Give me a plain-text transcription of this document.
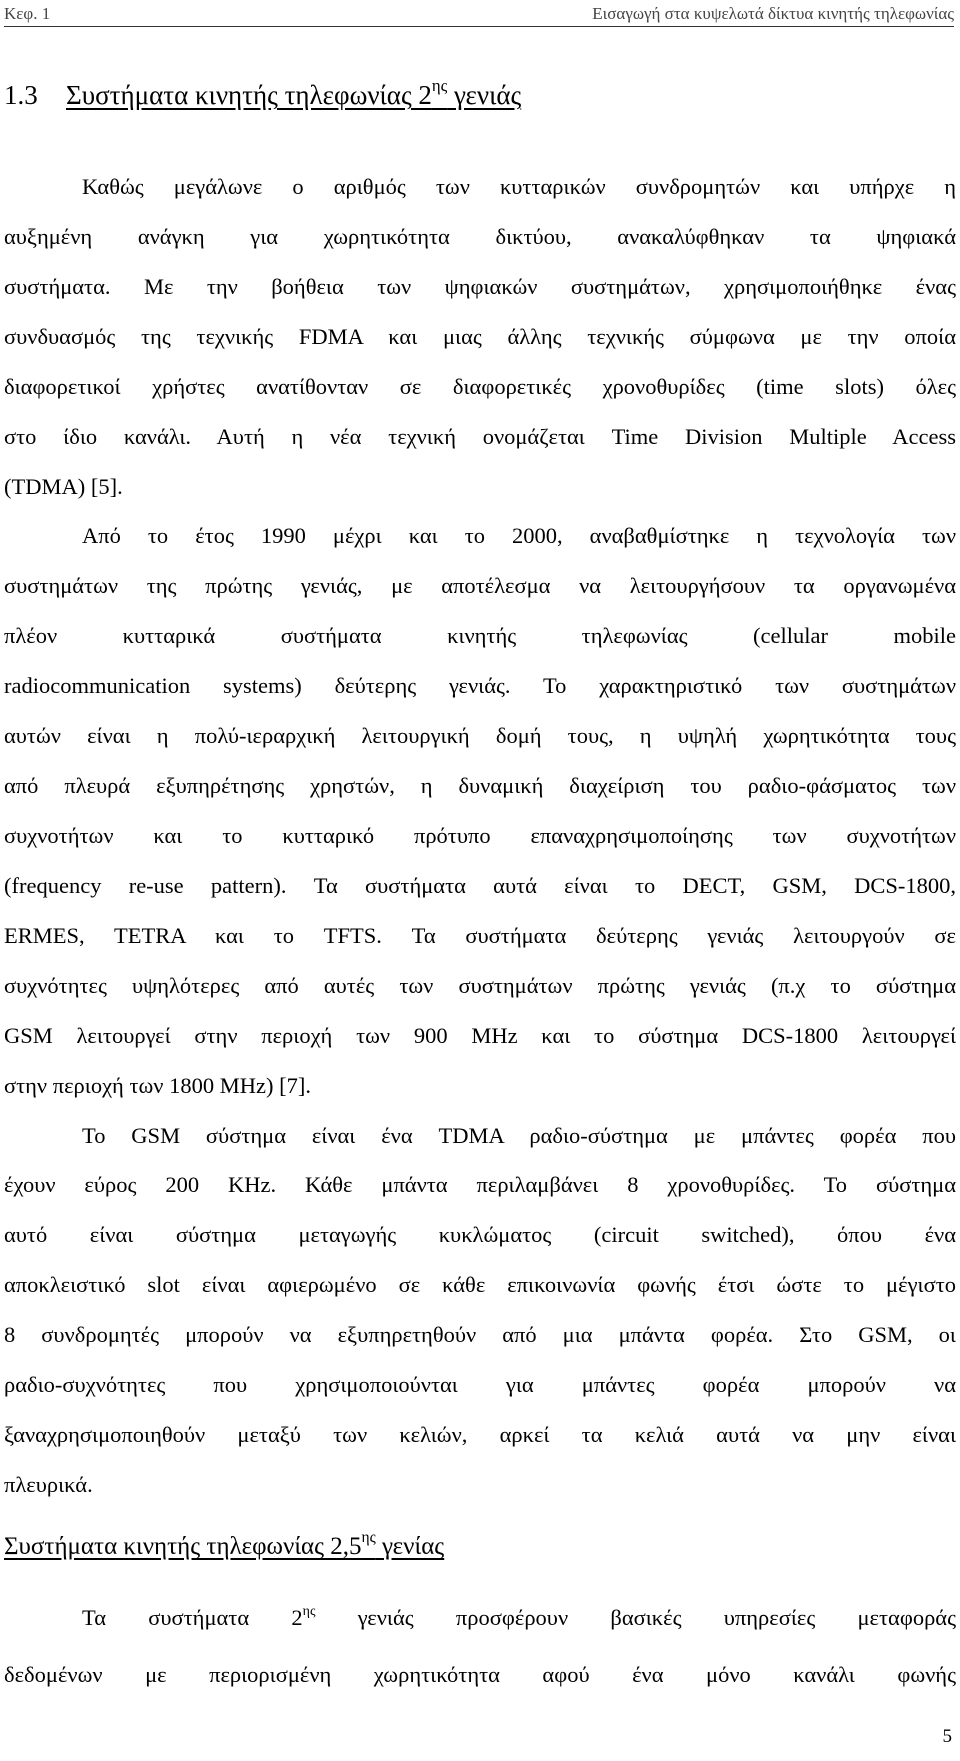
Κεφ. 1	Εισαγωγή στα κυψελωτά δίκτυα κινητής τηλεφωνίας
1.3 Συστήματα κινητής τηλεφωνίας $2^{\eta\varsigma}$ γενιάς
Καθώς μεγάλωνε ο αριθμός των κυτταρικών συνδρομητών και υπήρχε η
αυξημένη ανάγκη για χωρητικότητα δικτύου, ανακαλύφθηκαν τα ψηφιακά
συστήματα. Με την βοήθεια των ψηφιακών συστημάτων, χρησιμοποιήθηκε ένας
συνδυασμός της τεχνικής FDMA και μιας άλλης τεχνικής σύμφωνα με την οποία
διαφορετικοί χρήστες ανατίθονταν σε διαφορετικές χρονοθυρίδες (time slots) όλες
στο ίδιο κανάλι. Αυτή η νέα τεχνική ονομάζεται Time Division Multiple Access
(TDMA) [5].
Από το έτος 1990 μέχρι και το 2000, αναβαθμίστηκε η τεχνολογία των
συστημάτων της πρώτης γενιάς, με αποτέλεσμα να λειτουργήσουν τα οργανωμένα
πλέον κυτταρικά συστήματα κινητής τηλεφωνίας (cellular mobile
radiocommunication systems) δεύτερης γενιάς. Το χαρακτηριστικό των συστημάτων
αυτών είναι η πολύ-ιεραρχική λειτουργική δομή τους, η υψηλή χωρητικότητα τους
από πλευρά εξυπηρέτησης χρηστών, η δυναμική διαχείριση του ραδιο-φάσματος των
συχνοτήτων και το κυτταρικό πρότυπο επαναχρησιμοποίησης των συχνοτήτων
(frequency re-use pattern). Τα συστήματα αυτά είναι το DECT, GSM, DCS-1800,
ERMES, TETRA και το TFTS. Τα συστήματα δεύτερης γενιάς λειτουργούν σε
συχνότητες υψηλότερες από αυτές των συστημάτων πρώτης γενιάς (π.χ το σύστημα
GSM λειτουργεί στην περιοχή των 900 MHz και το σύστημα DCS-1800 λειτουργεί
στην περιοχή των 1800 MHz) [7].
Το GSM σύστημα είναι ένα TDMA ραδιο-σύστημα με μπάντες φορέα που
έχουν εύρος 200 KHz. Κάθε μπάντα περιλαμβάνει 8 χρονοθυρίδες. Το σύστημα
αυτό είναι σύστημα μεταγωγής κυκλώματος (circuit switched), όπου ένα
αποκλειστικό slot είναι αφιερωμένο σε κάθε επικοινωνία φωνής έτσι ώστε το μέγιστο
8 συνδρομητές μπορούν να εξυπηρετηθούν από μια μπάντα φορέα. Στο GSM, οι
ραδιο-συχνότητες που χρησιμοποιούνται για μπάντες φορέα μπορούν να
ξαναχρησιμοποιηθούν μεταξύ των κελιών, αρκεί τα κελιά αυτά να μην είναι
πλευρικά.
Συστήματα κινητής τηλεφωνίας $2,5^{\eta\varsigma}$ γενίας
Τα συστήματα $2^{\eta\varsigma}$ γενιάς προσφέρουν βασικές υπηρεσίες μεταφοράς
δεδομένων με περιορισμένη χωρητικότητα αφού ένα μόνο κανάλι φωνής
5
